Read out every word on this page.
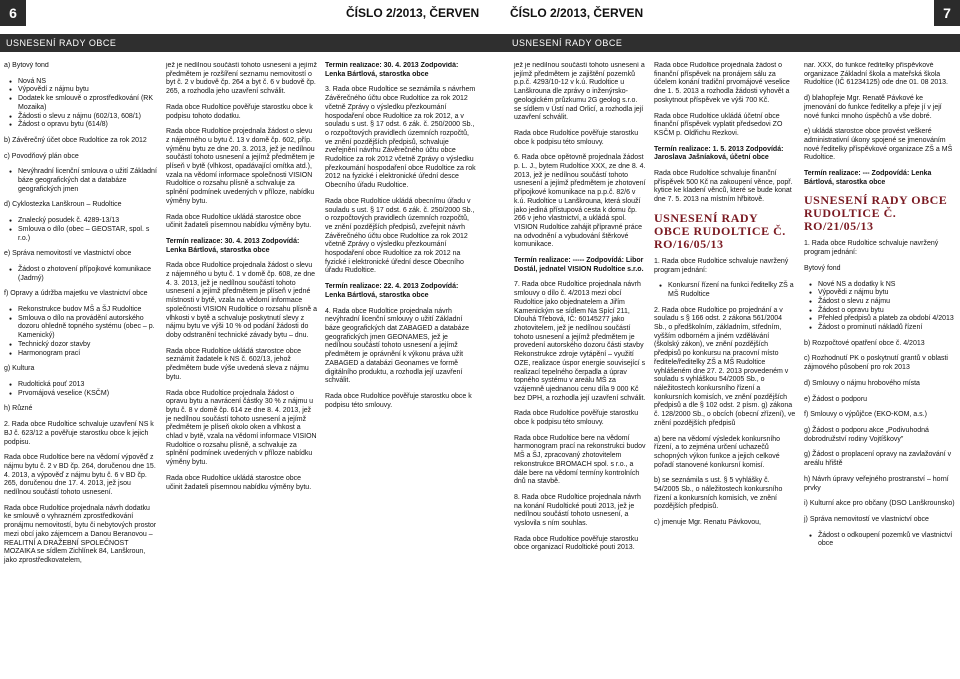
6	ČÍSLO 2/2013, ČERVEN
USNESENÍ RADY OBCE

a) Bytový fond

● Nová NS
● Výpovědí z nájmu bytu
● Dodatek ke smlouvě o zprostředkování (RK Mozaika)
● Žádosti o slevu z nájmu (602/13, 608/1)
● Žádost o opravu bytu (614/8)

b) Závěrečný účet obce Rudoltice za rok 2012

c) Povodňový plán obce

● Nevýhradní licenční smlouva o užití Základní báze geografických dat a databáze geografických jmen

d) Cyklostezka Lanškroun – Rudoltice

● Znalecký posudek č. 4289-13/13
● Smlouva o dílo (obec – GEOSTAR, spol. s r.o.)

e) Správa nemovitostí ve vlastnictví obce

● Žádost o zhotovení přípojkové komunikace (Jadrný)

f) Opravy a údržba majetku ve vlastnictví obce

● Rekonstrukce budov MŠ a ŠJ Rudoltice
● Smlouva o dílo na provádění autorského dozoru ohledně topného systému (obec – p. Kamenický)
● Technický dozor stavby
● Harmonogram prací

g) Kultura

● Rudoltická pouť 2013
● Prvomájová veselice (KSČM)

h) Různé

2. Rada obce Rudoltice schvaluje uzavření NS k BJ č. 623/12 a pověřuje starostku obce k jejich podpisu.

Rada obce Rudoltice bere na vědomí výpověď z nájmu bytu č. 2 v BD čp. 264, doručenou dne 15. 4. 2013, a výpověď z nájmu bytu č. 6 v BD čp. 265, doručenou dne 17. 4. 2013, jež jsou nedílnou součástí tohoto usnesení.

Rada obce Rudoltice projednala návrh dodatku ke smlouvě o vyhrazném zprostředkování pronájmu nemovitostí, bytu či nebytových prostor mezi obcí jako zájemcem a Danou Beranovou – REALITNÍ A DRAŽEBNÍ SPOLEČNOST MOZAIKA se sídlem Zichlínek 84, Lanškroun, jako zprostředkovatelem,

jež je nedílnou součástí tohoto usnesení a jejímž předmětem je rozšíření seznamu nemovitostí o byt č. 2 v budově čp. 264 a byt č. 6 v budově čp. 265, a rozhodla jeho uzavření schválit.

Rada obce Rudoltice pověřuje starostku obce k podpisu tohoto dodatku.

Rada obce Rudoltice projednala žádost o slevu z nájemného u bytu č. 13 v domě čp. 602, příp. výměnu bytu ze dne 20. 3. 2013, jež je nedílnou součástí tohoto usnesení a jejímž předmětem je plíseň v bytě (vlhkost, opadávající omítka atd.), vzala na vědomí informace společnosti VISION Rudoltice o rozsahu plísně a schvaluje za splnění podmínek uvedených v příloze, nabídku výměny bytu.

Rada obce Rudoltice ukládá starostce obce učinit žadateli písemnou nabídku výměny bytu.

Termín realizace: 30. 4. 2013 Zodpovídá: Lenka Bártlová, starostka obce

Rada obce Rudoltice projednala žádost o slevu z nájemného u bytu č. 1 v domě čp. 608, ze dne 4. 3. 2013, jež je nedílnou součástí tohoto usnesení a jejímž předmětem je plíseň v jedné místnosti v bytě, vzala na vědomí informace společnosti VISION Rudoltice o rozsahu plísně a vlhkosti v bytě a schvaluje poskytnutí slevy z nájmu bytu ve výši 10 % od podání žádosti do doby odstranění technické závady bytu – dnu.

Rada obce Rudoltice ukládá starostce obce seznámit žadatele k NS č. 602/13, jehož předmětem bude výše uvedená sleva z nájmu bytu.

Rada obce Rudoltice projednala žádost o opravu bytu a navrácení částky 30 % z nájmu u bytu č. 8 v domě čp. 614 ze dne 8. 4. 2013, jež je nedílnou součástí tohoto usnesení a jejímž předmětem je plíseň okolo oken a vlhkost a chlad v bytě, vzala na vědomí informace VISION Rudoltice o rozsahu plísně, a schvaluje za splnění podmínek uvedených v příloze nabídku výměny bytu.

Rada obce Rudoltice ukládá starostce obce učinit žadateli písemnou nabídku výměny bytu.

Termín realizace: 30. 4. 2013 Zodpovídá: Lenka Bártlová, starostka obce

3. Rada obce Rudoltice se seznámila s návrhem Závěrečného účtu obce Rudoltice za rok 2012 včetně Zprávy o výsledku přezkoumání hospodaření obce Rudoltice za rok 2012, a v souladu s ust. § 17 odst. 6 zák. č. 250/2000 Sb., o rozpočtových pravidlech územních rozpočtů, ve znění pozdějších předpisů, schvaluje zveřejnění návrhu Závěrečného účtu obce Rudoltice za rok 2012 včetně Zprávy o výsledku přezkoumání hospodaření obce Rudoltice za rok 2012 na fyzické i elektronické úřední desce Obecního úřadu Rudoltice.

Rada obce Rudoltice ukládá obecnímu úřadu v souladu s ust. § 17 odst. 6 zák. č. 250/2000 Sb., o rozpočtových pravidlech územních rozpočtů, ve znění pozdějších předpisů, zveřejnit návrh Závěrečného účtu obce Rudoltice za rok 2012 včetně Zprávy o výsledku přezkoumání hospodaření obce Rudoltice za rok 2012 na fyzické i elektronické úřední desce Obecního úřadu Rudoltice.

Termín realizace: 22. 4. 2013 Zodpovídá: Lenka Bártlová, starostka obce

4. Rada obce Rudoltice projednala návrh nevýhradní licenční smlouvy o užití Základní báze geografických dat ZABAGED a databáze geografických jmen GEONAMES, jež je nedílnou součástí tohoto usnesení a jejímž předmětem je oprávnění k výkonu práva užít ZABAGED a databázi Geonames ve formě digitálního produktu, a rozhodla její uzavření schválit.

Rada obce Rudoltice pověřuje starostku obce k podpisu této smlouvy.

ČÍSLO 2/2013, ČERVEN	7
USNESENÍ RADY OBCE

jež je nedílnou součástí tohoto usnesení a jejímž předmětem je zajištění pozemků p.p.č. 4293/10-12 v k.ú. Rudoltice u Lanškrouna dle zprávy o inženýrsko-geologickém průzkumu 2G geolog s.r.o. se sídlem v Ústí nad Orlicí, a rozhodla její uzavření schválit.

Rada obce Rudoltice pověřuje starostku obce k podpisu této smlouvy.

6. Rada obce opětovně projednala žádost p. L. J., bytem Rudoltice XXX, ze dne 8. 4. 2013, jež je nedílnou součástí tohoto usnesení a jejímž předmětem je zhotovení přípojkové komunikace na p.p.č. 82/6 v k.ú. Rudoltice u Lanškrouna, která slouží jako jediná přístupová cesta k domu čp. 266 v jeho vlastnictví, a ukládá spol. VISION Rudoltice zahájit přípravné práce na odvodnění a vybudování štěrkové komunikace.

Termín realizace: ----- Zodpovídá: Libor Dostál, jednatel VISION Rudoltice s.r.o.

7. Rada obce Rudoltice projednala návrh smlouvy o dílo č. 4/2013 mezi obcí Rudoltice jako objednatelem a Jiřím Kamenickým se sídlem Na Spící 211, Dlouhá Třebová, IČ: 60145277 jako zhotovitelem, jež je nedílnou součástí tohoto usnesení a jejímž předmětem je provedení autorského dozoru části stavby Rekonstrukce zdroje vytápění – využití OZE, realizace úspor energie související s realizací tepelného čerpadla a úprav topného systému v areálu MŠ za vzájemně ujednanou cenu díla 9 000 Kč bez DPH, a rozhodla její uzavření schválit.

Rada obce Rudoltice pověřuje starostku obce k podpisu této smlouvy.

Rada obce Rudoltice bere na vědomí harmonogram prací na rekonstrukci budov MŠ a ŠJ, zpracovaný zhotovitelem rekonstrukce BROMACH spol. s r.o., a dále bere na vědomí termíny kontrolních dnů na stavbě.

8. Rada obce Rudoltice projednala návrh na konání Rudoltické pouti 2013, jež je nedílnou součástí tohoto usnesení, a vyslovila s ním souhlas.

Rada obce Rudoltice pověřuje starostku obce organizací Rudoltické pouti 2013.

Rada obce Rudoltice projednala žádost o finanční příspěvek na pronájem sálu za účelem konání tradiční prvomájové veselice dne 1. 5. 2013 a rozhodla žádosti vyhovět a poskytnout příspěvek ve výši 700 Kč.

Rada obce Rudoltice ukládá účetní obce finanční příspěvek vyplatit předsedovi ZO KSČM p. Oldřichu Rezkovi.

Termín realizace: 1. 5. 2013 Zodpovídá: Jaroslava Jašníaková, účetní obce

Rada obce Rudoltice schvaluje finanční příspěvek 500 Kč na zakoupení věnce, popř. kytice ke kladení věnců, které se bude konat dne 7. 5. 2013 na místním hřbitově.

USNESENÍ RADY OBCE RUDOLTICE Č. RO/16/05/13

1. Rada obce Rudoltice schvaluje navržený program jednání:

● Konkursní řízení na funkci ředitelky ZŠ a MŠ Rudoltice

2. Rada obce Rudoltice po projednání a v souladu s § 166 odst. 2 zákona 561/2004 Sb., o předškolním, základním, středním, vyšším odborném a jiném vzdělávání (školský zákon), ve znění pozdějších předpisů po konkursu na pracovní místo ředitele/ředitelky ZŠ a MŠ Rudoltice vyhlášeném dne 27. 2. 2013 provedeném v souladu s vyhláškou 54/2005 Sb., o náležitostech konkursního řízení a konkursních komisích, ve znění pozdějších předpisů a dle § 102 odst. 2 písm. g) zákona č. 128/2000 Sb., o obcích (obecní zřízení), ve znění pozdějších předpisů

a) bere na vědomí výsledek konkursního řízení, a to zejména určení uchazečů schopných výkon funkce a jejich celkové pořadí stanovené konkursní komisí.

b) se seznámila s ust. § 5 vyhlášky č. 54/2005 Sb., o náležitostech konkursního řízení a konkursních komisích, ve znění pozdějších předpisů.

c) jmenuje Mgr. Renatu Pávkovou,

nar. XXX, do funkce ředitelky příspěvkové organizace Základní škola a mateřská škola Rudoltice (IČ 61234125) ode dne 01. 08 2013.

d) blahopřeje Mgr. Renatě Pávkové ke jmenování do funkce ředitelky a přeje jí v její nové funkci mnoho úspěchů a vše dobré.

e) ukládá starostce obce provést veškeré administrativní úkony spojené se jmenováním nové ředitelky příspěvkové organizace ZŠ a MŠ Rudoltice.

Termín realizace: --- Zodpovídá: Lenka Bártlová, starostka obce

USNESENÍ RADY OBCE RUDOLTICE Č. RO/21/05/13

1. Rada obce Rudoltice schvaluje navržený program jednání:

Bytový fond

● Nové NS a dodatky k NS
● Výpovědi z nájmu bytu
● Žádost o slevu z nájmu
● Žádost o opravu bytu
● Přehled předpisů a plateb za období 4/2013
● Žádost o prominutí nákladů řízení

b) Rozpočtové opatření obce č. 4/2013

c) Rozhodnutí PK o poskytnutí grantů v oblasti zájmového působení pro rok 2013

d) Smlouvy o nájmu hrobového místa

e) Žádost o podporu

f) Smlouvy o výpůjčce (EKO-KOM, a.s.)

g) Žádost o podporu akce „Podivuhodná dobrodružství rodiny Vojtíškovy"

g) Žádost o proplacení opravy na zavlažování v areálu hřiště

h) Návrh úpravy veřejného prostranství – horní prvky

i) Kulturní akce pro občany (DSO Lanškrounsko)

j) Správa nemovitostí ve vlastnictví obce

● Žádost o odkoupení pozemků ve vlastnictví obce
